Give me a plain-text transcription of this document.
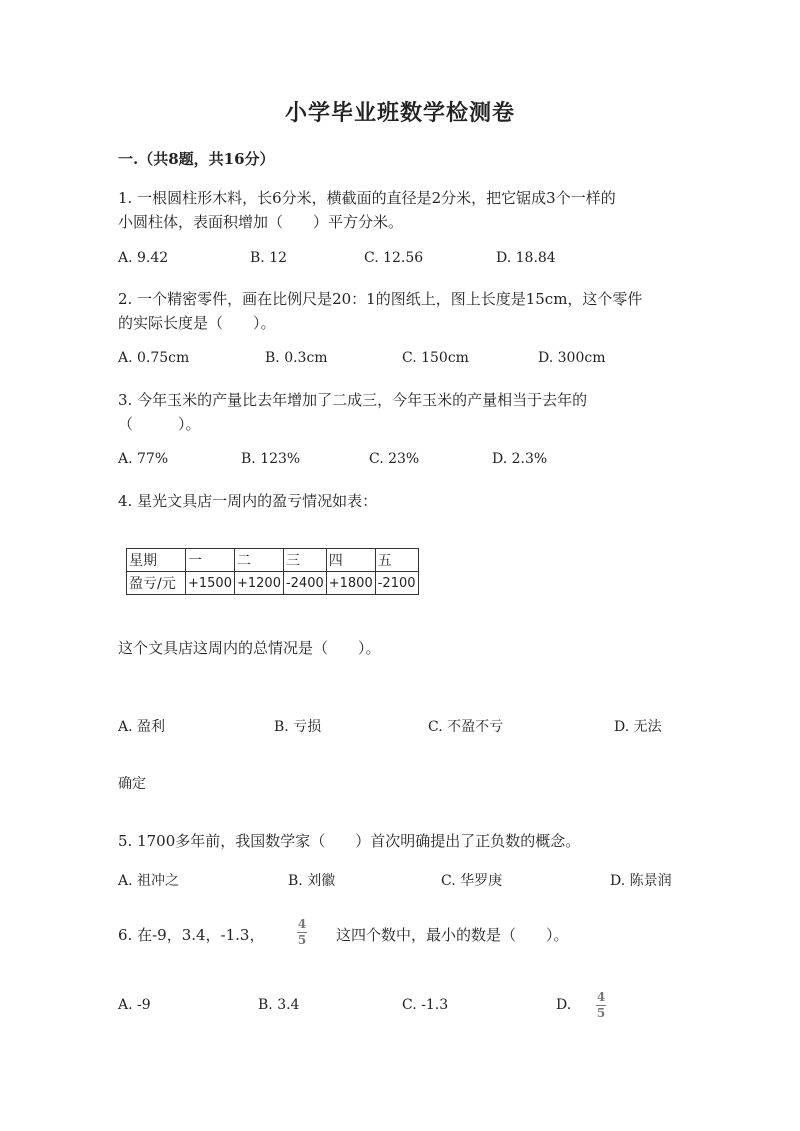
小学毕业班数学检测卷
一.（共8题，共16分）
1. 一根圆柱形木料，长6分米，横截面的直径是2分米，把它锯成3个一样的
小圆柱体，表面积增加（　　）平方分米。
A. 9.42	B. 12	C. 12.56	D. 18.84
2. 一个精密零件，画在比例尺是20：1的图纸上，图上长度是15cm，这个零件
的实际长度是（　　）。
A. 0.75cm	B. 0.3cm	C. 150cm	D. 300cm
3. 今年玉米的产量比去年增加了二成三，今年玉米的产量相当于去年的
（　　　）。
A. 77%	B. 123%	C. 23%	D. 2.3%
4. 星光文具店一周内的盈亏情况如表：
星期	一	二	三	四	五
盈亏/元	+1500	+1200	-2400	+1800	-2100
这个文具店这周内的总情况是（　　）。
A. 盈利	B. 亏损	C. 不盈不亏	D. 无法
确定
5. 1700多年前，我国数学家（　　）首次明确提出了正负数的概念。
A. 祖冲之	B. 刘徽	C. 华罗庚	D. 陈景润
6. 在-9，3.4，-1.3，
4
5 这四个数中，最小的数是（　　）。
A. -9	B. 3.4	C. -1.3	D. 4
5
